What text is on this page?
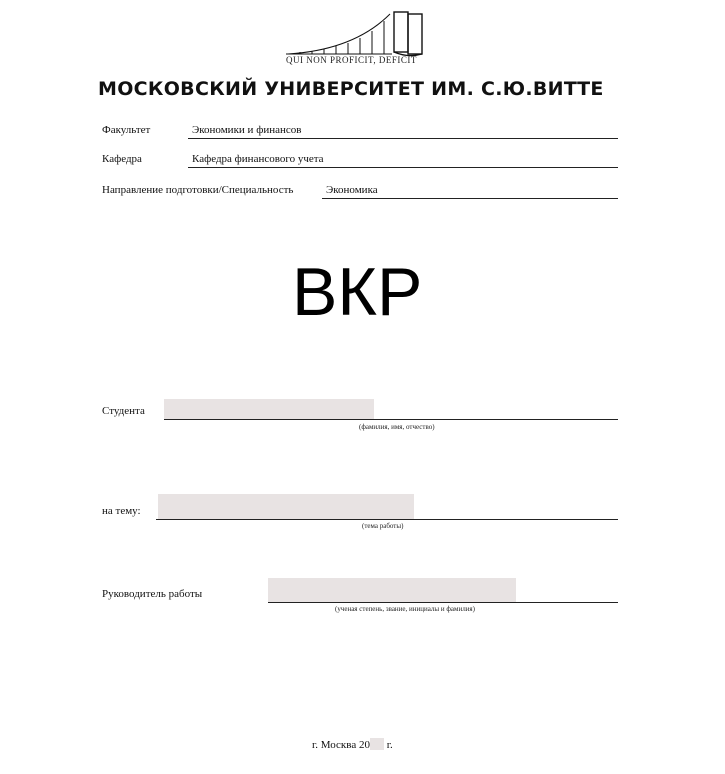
QUI NON PROFICIT, DEFICIT
МОСКОВСКИЙ УНИВЕРСИТЕТ ИМ. С.Ю.ВИТТЕ
Факультет	Экономики и финансов
Кафедра	Кафедра финансового учета
Направление подготовки/Специальность	Экономика
ВКР
Студента
(фамилия, имя, отчество)
на тему:
(тема работы)
Руководитель работы
(ученая степень, звание, инициалы и фамилия)
г. Москва 20 г.
